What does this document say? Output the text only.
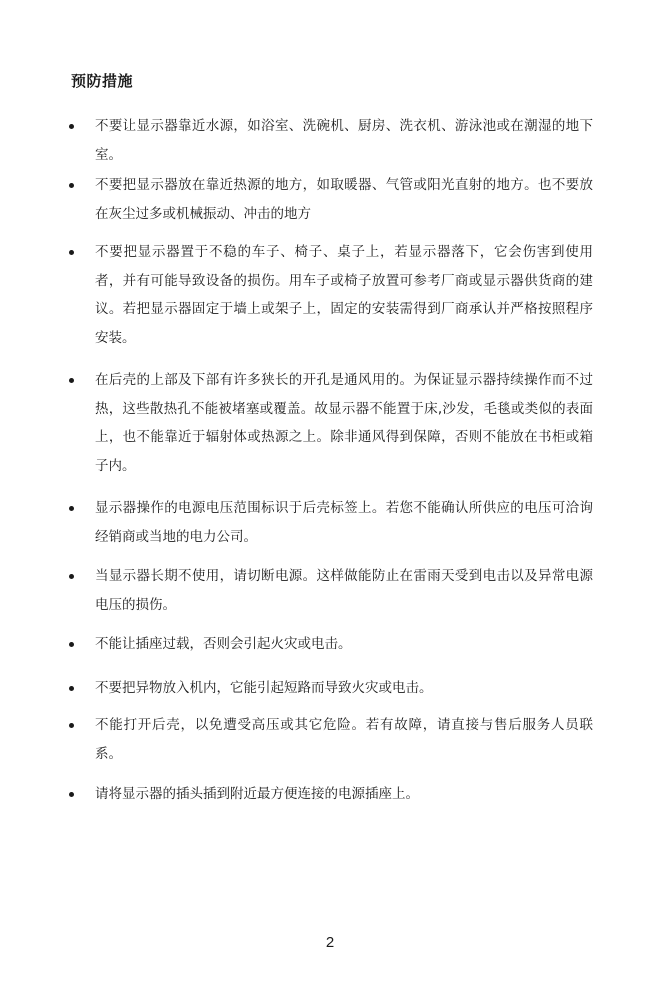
预防措施

不要让显示器靠近水源，如浴室、洗碗机、厨房、洗衣机、游泳池或在潮湿的地下室。

不要把显示器放在靠近热源的地方，如取暖器、气管或阳光直射的地方。也不要放在灰尘过多或机械振动、冲击的地方

不要把显示器置于不稳的车子、椅子、桌子上，若显示器落下，它会伤害到使用者，并有可能导致设备的损伤。用车子或椅子放置可参考厂商或显示器供货商的建议。若把显示器固定于墙上或架子上，固定的安装需得到厂商承认并严格按照程序安装。

在后壳的上部及下部有许多狭长的开孔是通风用的。为保证显示器持续操作而不过热，这些散热孔不能被堵塞或覆盖。故显示器不能置于床,沙发，毛毯或类似的表面上，也不能靠近于辐射体或热源之上。除非通风得到保障，否则不能放在书柜或箱子内。

显示器操作的电源电压范围标识于后壳标签上。若您不能确认所供应的电压可洽询经销商或当地的电力公司。

当显示器长期不使用，请切断电源。这样做能防止在雷雨天受到电击以及异常电源电压的损伤。

不能让插座过载，否则会引起火灾或电击。

不要把异物放入机内，它能引起短路而导致火灾或电击。

不能打开后壳，以免遭受高压或其它危险。若有故障，请直接与售后服务人员联系。

请将显示器的插头插到附近最方便连接的电源插座上。

2
